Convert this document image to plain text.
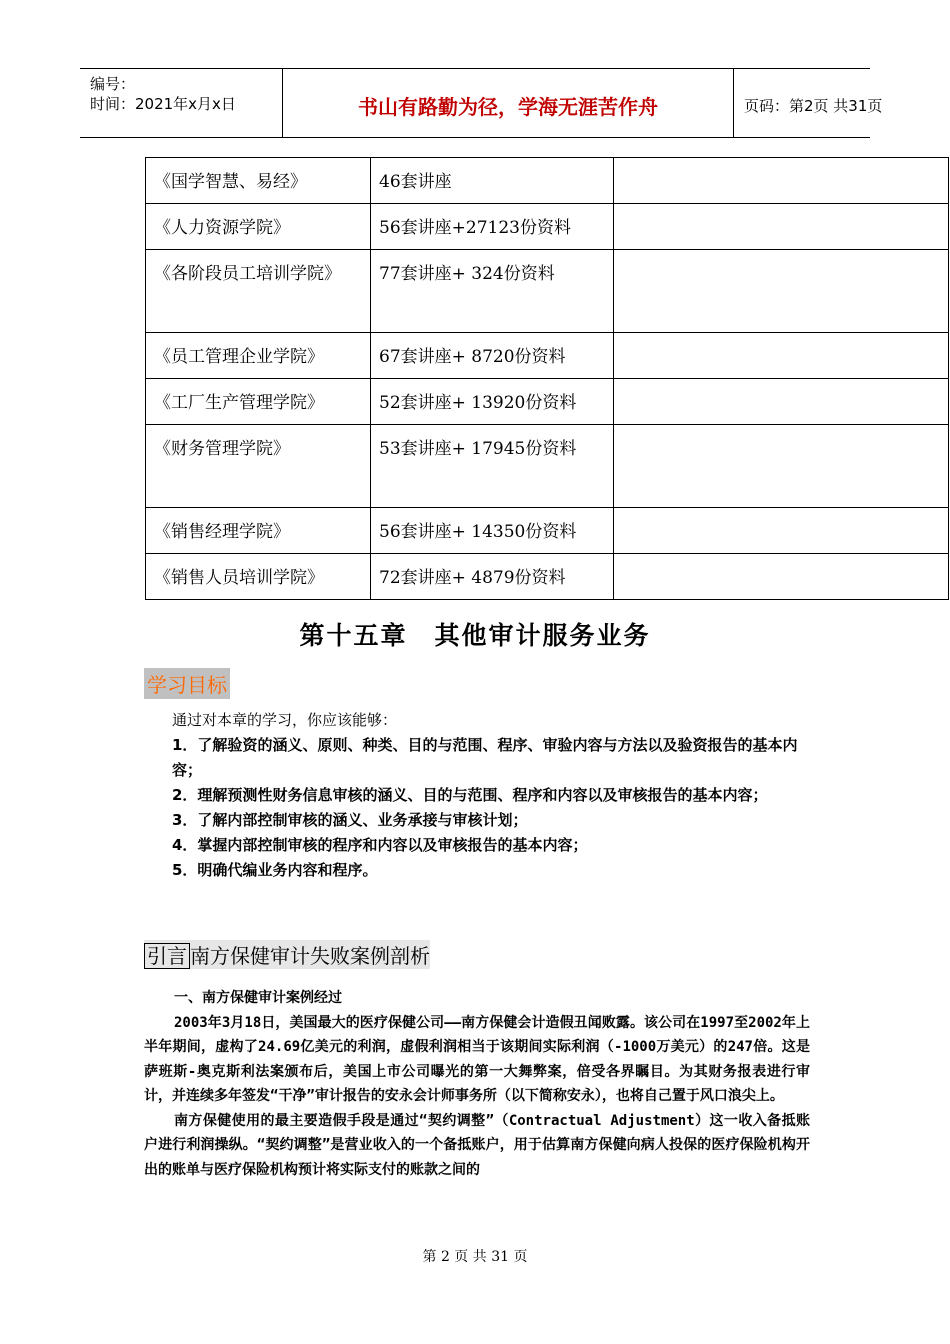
编号：
时间：2021年x月x日	书山有路勤为径，学海无涯苦作舟	页码：第2页 共31页
《国学智慧、易经》	46套讲座	
《人力资源学院》	56套讲座+27123份资料	
《各阶段员工培训学院》	77套讲座+ 324份资料	
《员工管理企业学院》	67套讲座+ 8720份资料	
《工厂生产管理学院》	52套讲座+ 13920份资料	
《财务管理学院》	53套讲座+ 17945份资料	
《销售经理学院》	56套讲座+ 14350份资料	
《销售人员培训学院》	72套讲座+ 4879份资料	
第十五章　其他审计服务业务
学习目标

通过对本章的学习，你应该能够：

1．了解验资的涵义、原则、种类、目的与范围、程序、审验内容与方法以及验资报告的基本内容；

2．理解预测性财务信息审核的涵义、目的与范围、程序和内容以及审核报告的基本内容；

3．了解内部控制审核的涵义、业务承接与审核计划；

4．掌握内部控制审核的程序和内容以及审核报告的基本内容；

5．明确代编业务内容和程序。

引言 南方保健审计失败案例剖析

一、南方保健审计案例经过

2003年3月18日，美国最大的医疗保健公司——南方保健会计造假丑闻败露。该公司在1997至2002年上半年期间，虚构了24.69亿美元的利润，虚假利润相当于该期间实际利润（-1000万美元）的247倍。这是萨班斯-奥克斯利法案颁布后，美国上市公司曝光的第一大舞弊案，倍受各界瞩目。为其财务报表进行审计，并连续多年签发“干净”审计报告的安永会计师事务所（以下简称安永），也将自己置于风口浪尖上。

南方保健使用的最主要造假手段是通过“契约调整”（Contractual Adjustment）这一收入备抵账户进行利润操纵。“契约调整”是营业收入的一个备抵账户，用于估算南方保健向病人投保的医疗保险机构开出的账单与医疗保险机构预计将实际支付的账款之间的

第 2 页 共 31 页
